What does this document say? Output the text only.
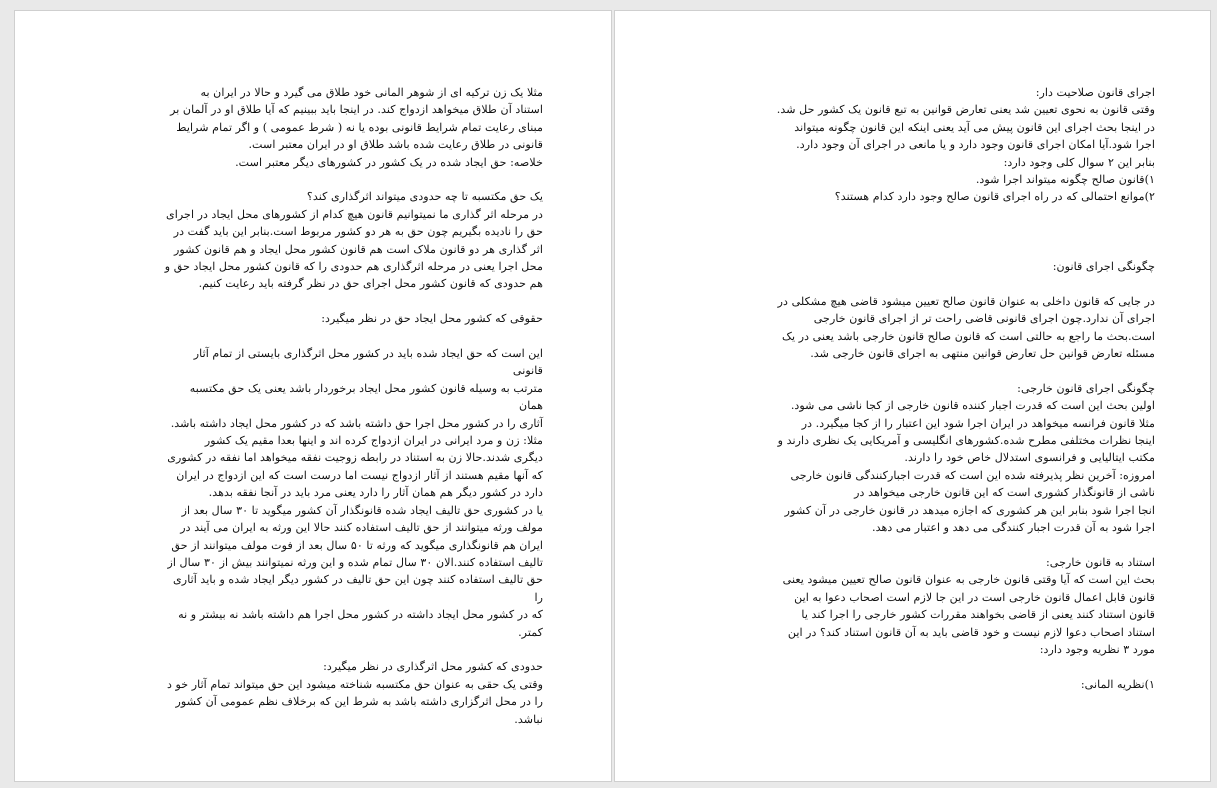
مثلا یک زن ترکیه ای از شوهر المانی خود طلاق می گیرد و حالا در ایران به
استناد آن طلاق میخواهد ازدواج کند. در اینجا باید ببینیم که آیا طلاق او در آلمان بر
مبنای رعایت تمام شرایط قانونی بوده یا نه ( شرط عمومی ) و اگر تمام شرایط
قانونی در طلاق رعایت شده باشد طلاق او در ایران معتبر است.
خلاصه: حق ایجاد شده در یک کشور در کشورهای دیگر معتبر است.
یک حق مکتسبه تا چه حدودی میتواند اثرگذاری کند؟
در مرحله اثر گذاری ما نمیتوانیم قانون هیچ کدام از کشورهای محل ایجاد در اجرای
حق را نادیده بگیریم چون حق به هر دو کشور مربوط است.بنابر این باید گفت در
اثر گذاری هر دو قانون ملاک است هم قانون کشور محل ایجاد و هم قانون کشور
محل اجرا یعنی در مرحله اثرگذاری هم حدودی را که قانون کشور محل ایجاد حق و
هم حدودی که قانون کشور محل اجرای حق در نظر گرفته باید رعایت کنیم.
حقوقی که کشور محل ایجاد حق در نظر میگیرد:
این است که حق ایجاد شده باید در کشور محل اثرگذاری بایستی از تمام آثار قانونی
مترتب به وسیله قانون کشور محل ایجاد برخوردار باشد یعنی یک حق مکتسبه همان
آثاری را در کشور محل اجرا حق داشته باشد که در کشور محل ایجاد داشته باشد.
مثلا: زن و مرد ایرانی در ایران ازدواج کرده اند و اینها بعدا مقیم یک کشور
دیگری شدند.حالا زن به استناد در رابطه زوجیت نفقه میخواهد اما نفقه در کشوری
که آنها مقیم هستند از آثار ازدواج نیست اما درست است که این ازدواج در ایران
دارد در کشور دیگر هم همان آثار را دارد یعنی مرد باید در آنجا نفقه بدهد.
یا در کشوری حق تالیف ایجاد شده قانونگذار آن کشور میگوید تا ۳۰ سال بعد از
مولف ورثه میتوانند از حق تالیف استفاده کنند حالا این ورثه به ایران می آیند در
ایران هم قانونگذاری میگوید که ورثه تا ۵۰ سال بعد از فوت مولف میتوانند از حق
تالیف استفاده کنند.الان ۳۰ سال تمام شده و این ورثه نمیتوانند بیش از ۳۰ سال از
حق تالیف استفاده کنند چون این حق تالیف در کشور دیگر ایجاد شده و باید آثاری را
که در کشور محل ایجاد داشته در کشور محل اجرا هم داشته باشد نه بیشتر و نه
کمتر.
حدودی که کشور محل اثرگذاری در نظر میگیرد:
وقتی یک حقی به عنوان حق مکتسبه شناخته میشود این حق میتواند تمام آثار خو د
را در محل اثرگزاری داشته باشد به شرط این که برخلاف نظم عمومی آن کشور
نباشد.
اجرای قانون صلاحیت دار:
وقتی قانون به نحوی تعیین شد یعنی تعارض قوانین به تبع قانون یک کشور حل شد.
در اینجا بحث اجرای این قانون پیش می آید یعنی اینکه این قانون چگونه میتواند
اجرا شود.آیا امکان اجرای قانون وجود دارد و یا مانعی در اجرای آن وجود دارد.
بنابر این ۲ سوال کلی وجود دارد:
۱)قانون صالح چگونه میتواند اجرا شود.
۲)موانع احتمالی که در راه اجرای قانون صالح وجود دارد کدام هستند؟
چگونگی اجرای قانون:
در جایی که قانون داخلی به عنوان قانون صالح تعیین میشود قاضی هیچ مشکلی در
اجرای آن ندارد.چون اجرای قانونی قاضی راحت تر از اجرای قانون خارجی
است.بحث ما راجع به حالتی است که قانون صالح قانون خارجی باشد یعنی در یک
مسئله تعارض قوانین حل تعارض قوانین منتهی به اجرای قانون خارجی شد.
چگونگی اجرای قانون خارجی:
اولین بحث این است که قدرت اجبار کننده قانون خارجی از کجا ناشی می شود.
مثلا قانون فرانسه میخواهد در ایران اجرا شود این اعتبار را از کجا میگیرد. در
اینجا نظرات مختلفی مطرح شده.کشورهای انگلیسی و آمریکایی یک نظری دارند و
مکتب ایتالیایی و فرانسوی استدلال خاص خود را دارند.
امروزه: آخرین نظر پذیرفته شده این است که قدرت اجبارکنندگی قانون خارجی
ناشی از قانونگذار کشوری است که این قانون خارجی میخواهد در
انجا اجرا شود بنابر این هر کشوری که اجازه میدهد در قانون خارجی در آن کشور
اجرا شود به آن قدرت اجبار کنندگی می دهد و اعتبار می دهد.
استناد به قانون خارجی:
بحث این است که آیا وقتی قانون خارجی به عنوان قانون صالح تعیین میشود یعنی
قانون قابل اعمال قانون خارجی است در این جا لازم است اصحاب دعوا به این
قانون استناد کنند یعنی از قاضی بخواهند مقررات کشور خارجی را اجرا کند یا
استناد اصحاب دعوا لازم نیست و خود قاضی باید به آن قانون استناد کند؟ در این
مورد ۳ نظریه وجود دارد:
۱)نظریه المانی:
